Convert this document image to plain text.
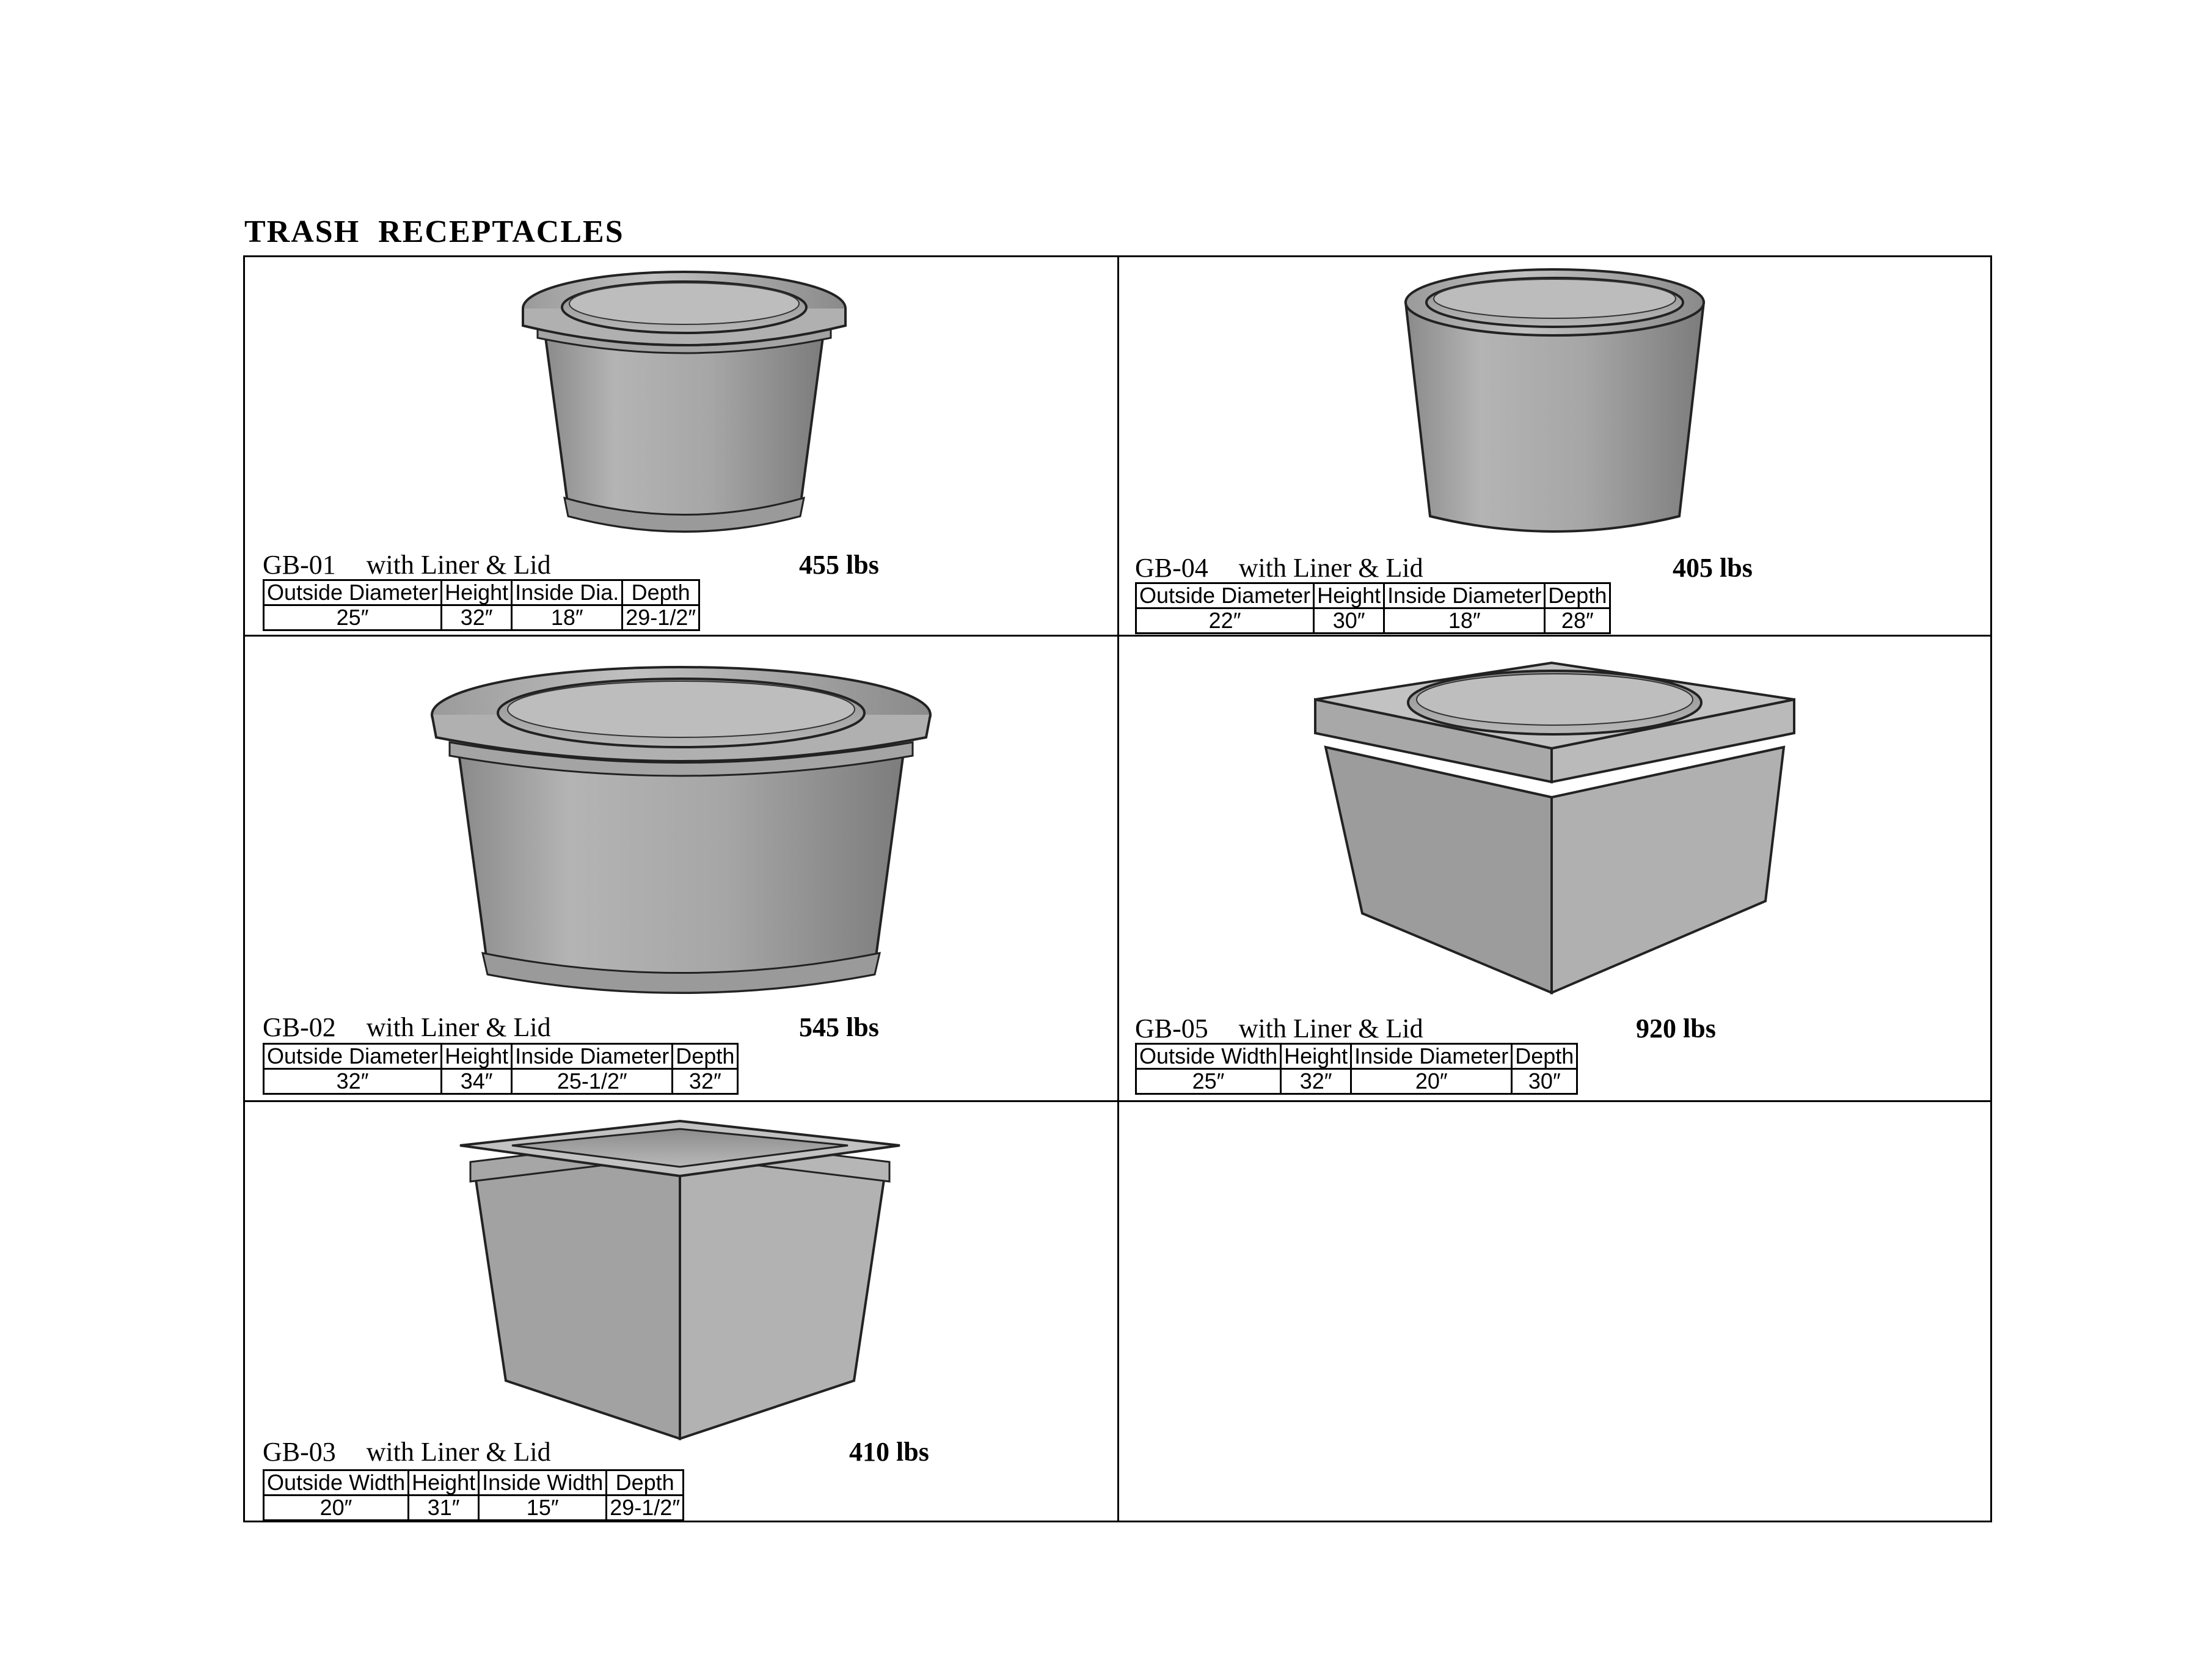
TRASH  RECEPTACLES
GB-01 with Liner & Lid	455 lbs
Outside Diameter	Height	Inside Dia.	Depth
25″	32″	18″	29-1/2″
GB-04 with Liner & Lid	405 lbs
Outside Diameter	Height	Inside Diameter	Depth
22″	30″	18″	28″
GB-02 with Liner & Lid	545 lbs
Outside Diameter	Height	Inside Diameter	Depth
32″	34″	25-1/2″	32″
GB-05 with Liner & Lid	920 lbs
Outside Width	Height	Inside Diameter	Depth
25″	32″	20″	30″
GB-03 with Liner & Lid	410 lbs
Outside Width	Height	Inside Width	Depth
20″	31″	15″	29-1/2″
